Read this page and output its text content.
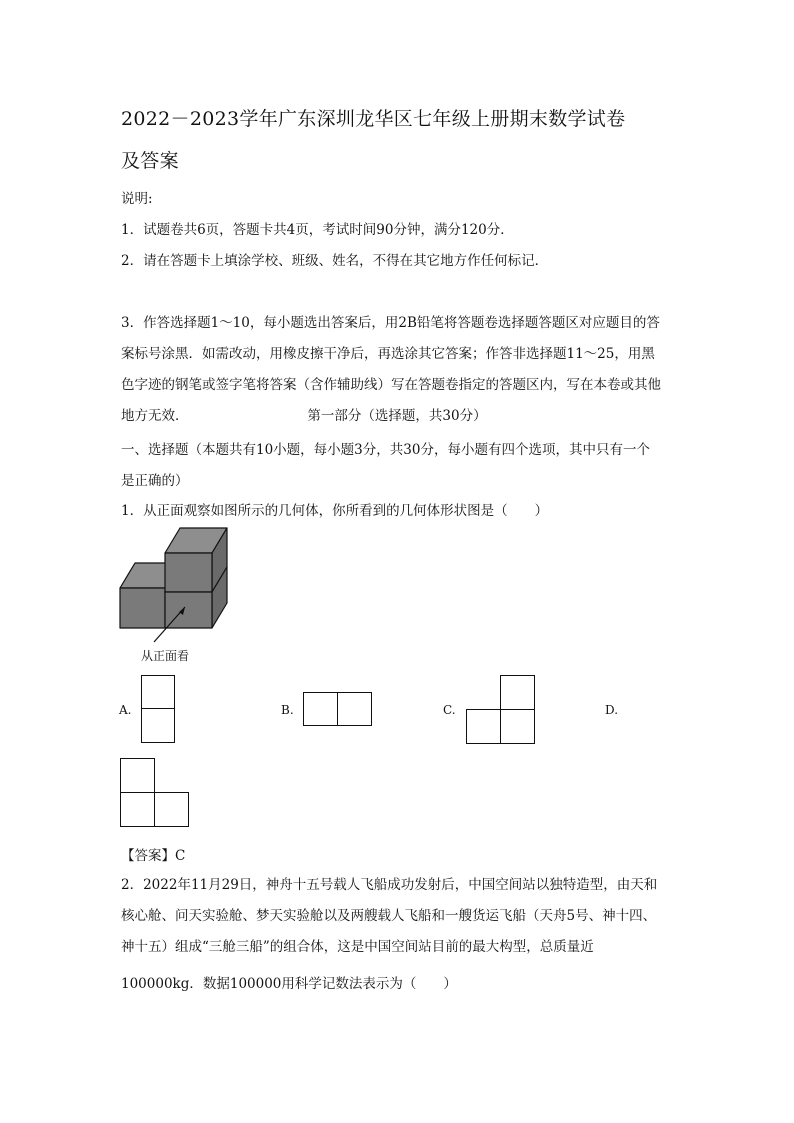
2022－2023学年广东深圳龙华区七年级上册期末数学试卷
及答案
说明:
1．试题卷共6页，答题卡共4页，考试时间90分钟，满分120分．
2．请在答题卡上填涂学校、班级、姓名，不得在其它地方作任何标记．
3．作答选择题1～10，每小题选出答案后，用2B铅笔将答题卷选择题答题区对应题目的答
案标号涂黑．如需改动，用橡皮擦干净后，再选涂其它答案；作答非选择题11～25，用黑
色字迹的钢笔或签字笔将答案（含作辅助线）写在答题卷指定的答题区内，写在本卷或其他
地方无效．	第一部分（选择题，共30分）
一、选择题（本题共有10小题，每小题3分，共30分，每小题有四个选项，其中只有一个
是正确的）
1．从正面观察如图所示的几何体，你所看到的几何体形状图是（　　）
从正面看
A.	B.	C.	D.
【答案】C
2．2022年11月29日，神舟十五号载人飞船成功发射后，中国空间站以独特造型，由天和
核心舱、问天实验舱、梦天实验舱以及两艘载人飞船和一艘货运飞船（天舟5号、神十四、
神十五）组成“三舱三船”的组合体，这是中国空间站目前的最大构型，总质量近
100000kg．数据100000用科学记数法表示为（　　）
